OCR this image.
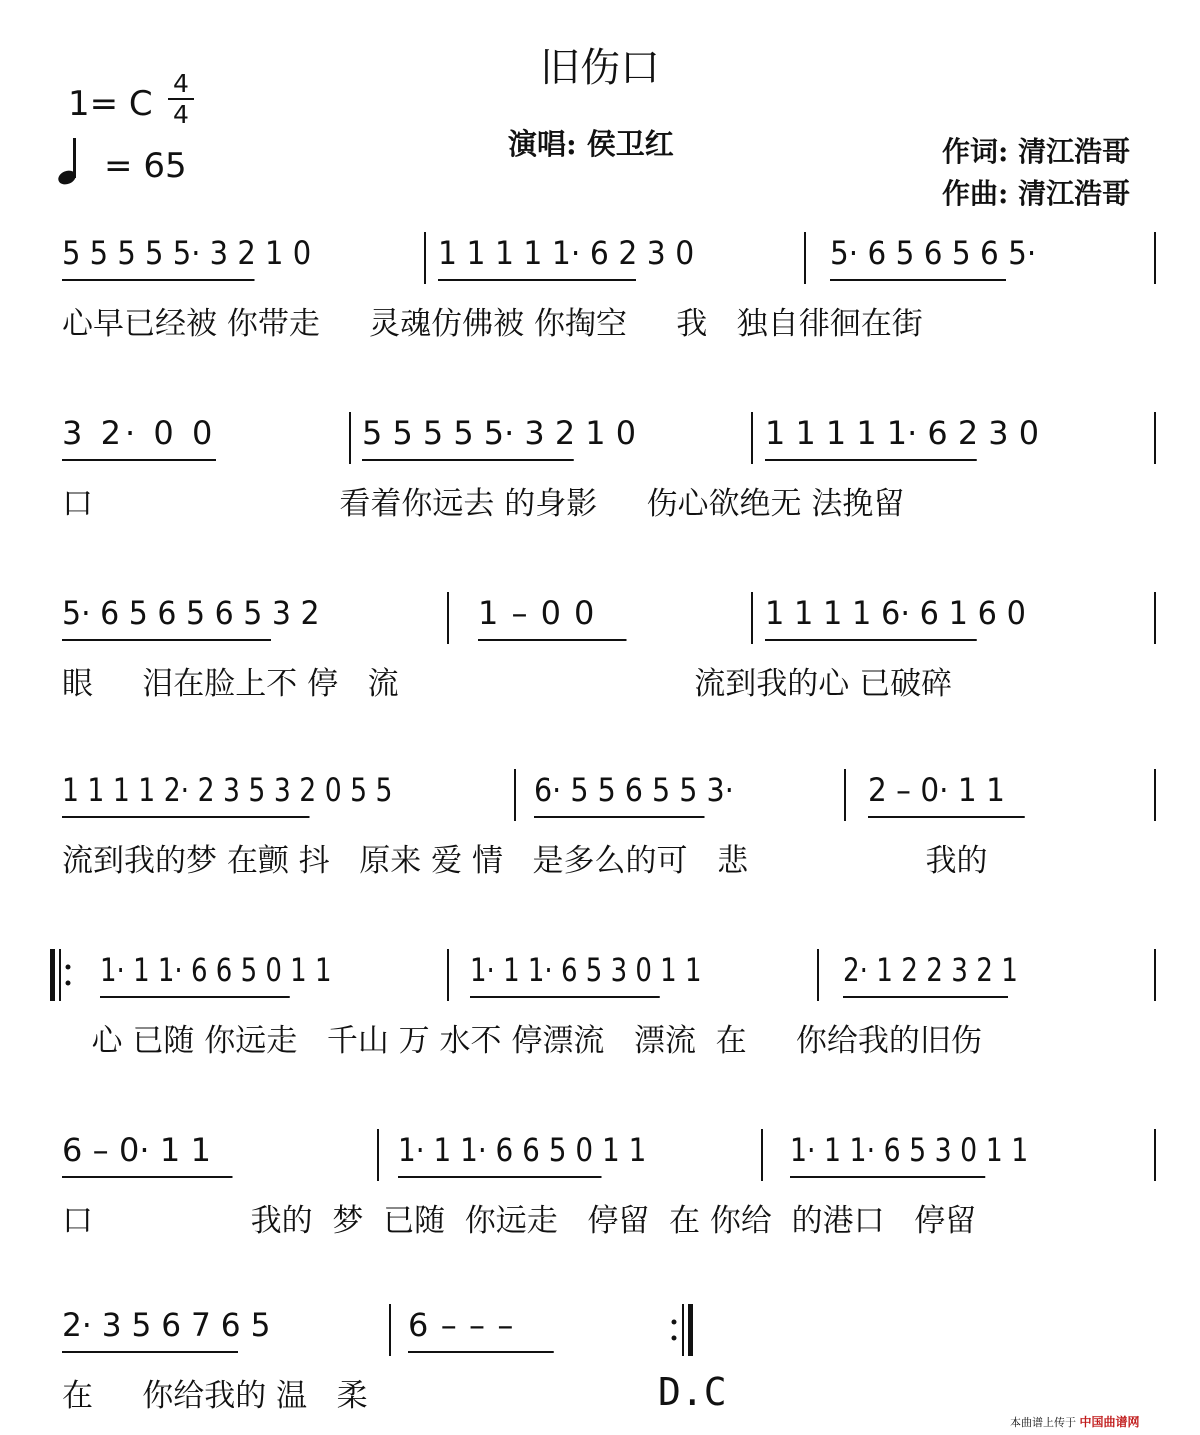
旧伤口
1= C
4
4
= 65
演唱: 侯卫红	作词: 清江浩哥
作曲: 清江浩哥
5 5 5 5 5· 3 2 1 0	1 1 1 1 1· 6 2 3 0	5· 6 5 6 5 6 5·
心早已经被 你带走     灵魂仿佛被 你掏空     我   独自徘徊在街
3 2· 0 0	5 5 5 5 5· 3 2 1 0	1 1 1 1 1· 6 2 3 0
口                         看着你远去 的身影     伤心欲绝无 法挽留
5· 6 5 6 5 6 5 3 2	1 – 0 0	1 1 1 1 6· 6 1 6 0
眼     泪在脸上不 停   流                              流到我的心 已破碎
1 1 1 1 2· 2 3 5 3 2 0 5 5	6· 5 5 6 5 5 3·	2 – 0· 1 1
流到我的梦 在颤 抖   原来 爱 情   是多么的可   悲                  我的
1· 1 1· 6 6 5 0 1 1	1· 1 1· 6 5 3 0 1 1	2· 1 2 2 3 2 1
心 已随 你远走   千山 万 水不 停漂流   漂流  在     你给我的旧伤
6 – 0· 1 1	1· 1 1· 6 6 5 0 1 1	1· 1 1· 6 5 3 0 1 1
口                我的  梦  已随  你远走   停留  在 你给  的港口   停留
2· 3 5 6 7 6 5	6 – – –
在     你给我的 温   柔	D.C
本曲谱上传于 中国曲谱网
